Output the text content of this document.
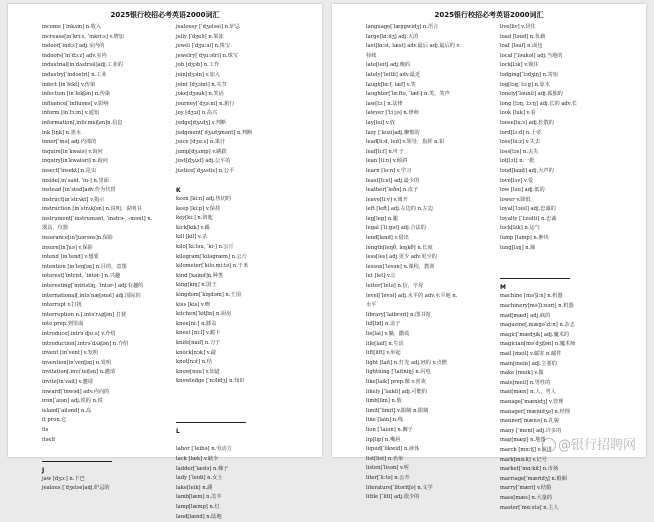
2025银行校招必考英语2000词汇
income [ˈinkʌm] n.收入
increase[inˈkri:s, ˈinkri:s] v.增加
indoor[ˈindɔ:] adj.室内的
indoors[ˈinˈdɔ:z] adv.室内
industrial[inˈdʌstriəl]adj.工业的
industry[ˈindəstri] n.工业
infect [inˈfekt] v.传染
infection [inˈfekʃən] n.传染
influence[ˈinfluəns] v.影响
inform [inˈfɔ:m] v.通知
information[ˌinfəˈmeiʃən]n.信息
ink [iŋk] n.墨水
inner[ˈinə] adj.内部的
inquire[inˈkwaiə] v.询问
inquiry[inˈkwaiəri] n.询问
insect[ˈinsekt] n.昆虫
inside[ˌinˈsaid, ˈin-] n.里面
instead [inˈsted]adv.作为代替
instruct[inˈstrʌkt] v.指示
instruction [inˈstrʌkʃən] n.说明，说明书
instrument[ˈinstrumənt, ˈinstrə-, -mənt] n.
器具，仪器
insurance[inˈʃuərəns]n.保险
insure[inˈʃuə] v.保险
intend [inˈtend] v.想要
intention [inˈtenʃən] n.目的，意图
interest[ˈintrist, ˈintər-] n.兴趣
interesting[ˈintristiŋ, ˈintər-] adj.有趣的
international[ˌintəˈnæʃənəl] adj.国际的
interrupt v.打扰
interruption n.[ˌintəˈrʌpʃən] 打扰
into prep.到里面
introduce[ˌintrəˈdju:s] v.介绍
introduction[ˌintrəˈdʌkʃən] n.介绍
invent [inˈvent] v.发明
invention[inˈvenʃən] n.发明
invitation[ˌinviˈteiʃən] n.邀请
invite[inˈvait] v.邀请
inward[ˈinwəd] adv.内向的
iron[ˈaiən] adj.铁的 n.铁
island[ˈailənd] n.岛
it pron.它
its
itself
J
jaw [dʒɔ:] n.下巴
jealous [ˈdʒeləs]adj.妒忌的
jealousy [ˈdʒeləsi] n.妒忌
jelly [ˈdʒeli] n.果冻
jewel [ˈdʒu:əl] n.珠宝
jewelry[ˈdʒu:əlri] n.珠宝
job [dʒɔb] n.工作
join[dʒɔin] v.加入
joint [dʒɔint] n.关节
joke[dʒəuk] n.笑话
journey[ˈdʒə:ni] n.旅行
joy [dʒɔi] n.高兴
judge[dʒʌdʒ] v.判断
judgment[ˈdʒʌdʒmənt] n.判断
juice [dʒu:s] n.果汁
jump[dʒʌmp] v.跳跃
just[dʒʌst] adj.公平的
justice[ˈdʒʌstis] n.公平
K
keen [ki:n] adj.热切的
keep [ki:p] v.保持
key[ki:] n.钥匙
kick[kik] v.踢
kill [kil] v.杀
kilo[ˈki:ləu, ˈki-] n.公斤
kilogram[ˈkiləgræm] n.公斤
kilometer[ˈkiləˌmi:tə] n.千米
kind [kaind]n.种类
king[kiŋ] n.国王
kingdom[ˈkiŋdəm] n.王国
kiss [kis] v.吻
kitchen[ˈkitʃin] n.厨房
knee[ni:] n.膝盖
kneel [ni:l] v.跪下
knife[naif] n.刀子
knock[nɔk] v.敲
knot[nɔt] n.结
know[nəu] v.知道
knowledge [ˈnɔlidʒ] n.知识
L
labor [ˈleibə] n.劳动力
lack [læk] v.缺少
ladder[ˈlædə] n.梯子
lady [ˈleidi] n.女士
lake[leik] n.湖
lamb[læm] n.羔羊
lamp[læmp] n.灯
land[lænd] n.陆地
2025银行校招必考英语2000词汇
language[ˈlæŋgwidʒ] n.语言
large[lɑ:dʒ] adj.大的
last[lɑ:st, læst] adv.最后 adj.最后的 v.
持续
late[leit] adj.晚的
lately[ˈleitli] adv.最近
laugh[lɑ:f, læf] v.笑
laughter[ˈlɑ:ftə, ˈlæf-] n.笑，笑声
law[lɔ:] n.法律
lawyer [ˈlɔ:jə] n.律师
lay[lei] v.放
lazy [ˈleizi]adj.懒惰的
lead[li:d, led] v.领导，指挥 n.铅
leaf[li:f] n.叶子
lean [li:n] v.倾斜
learn [lə:n] v.学习
least[li:st] adj.最少的
leather[ˈleðə] n.皮子
leave[li:v] v.离开
left [left] adj.左边的 n.左边
leg[leg] n.腿
legal [ˈli:gəl] adj.合法的
lend[lend] v.借出
length[leŋθ, leŋkθ] n.长度
less[les] adj.更少 adv.更少的
lesson[ˈlesən] n.课程，教训
let [let] v.让
letter[ˈletə] n.信，字母
level[ˈlevəl] adj.水平的 adv.水平地 n.
水平
library[ˈlaibrəri] n.图书馆
lid[lid] n.盖子
lie[lai] v.躺，撒谎
life[laif] n.生活
lift[lift] v.举起
light [lait] n.灯光 adj.轻的 v.点燃
lightning [ˈlaitniŋ] n.闪电
like[laik] prep.像 v.喜欢
likely [ˈlaikli] adj.可能的
limb[lim] n.肢
limit[ˈlimit] v.限制 n.限制
line [lain] n.线
lion [ˈlaiən] n.狮子
lip[lip] n.嘴唇
liquid[ˈlikwid] n.液体
list[list] n.名单
listen[ˈlisən] v.听
liter[ˈli:tə] n.公升
literature[ˈlitəritʃə] n.文学
little [ˈlitl] adj.很少的
live[liv] v.居住
load [ləud] n.负载
loaf [ləuf] n.面包
local [ˈləukəl] adj.当地的
lock[lɔk] v.锁住
lodging[ˈlɔdʒiŋ] n.寄宿
log[lɔg, lɔ:g] n.原木
lonely[ˈləunli] adj.孤独的
long [lɔŋ, lɔ:ŋ] adj.长的 adv.长
look [luk] v.看
loose[lu:s] adj.松散的
lord[lɔ:d] n.上帝
lose[lu:z] v.失去
loss[lɔs] n.丢失
lot[lɔt] n.一批
loud[laud] adj.大声的
love[lʌv] v.爱
low [ləu] adj.低的
lower v.降低
loyal[ˈlɔiəl] adj.忠诚的
loyalty [ˈlɔiəlti] n.忠诚
luck[lʌk] n.运气
lump [lʌmp] n.肿块
lung[lʌŋ] n.肺
M
machine [məˈʃi:n] n.机器
machinery[məˈʃi:nəri] n.机器
mad[mæd] adj.疯的
magazine[ˌmægəˈzi:n] n.杂志
magic[ˈmædʒik] adj.魔术的
magician[məˈdʒiʃən] n.魔术师
mail [meil] v.邮寄 n.邮件
main[mein] adj.主要的
make [meik] v.做
male[meil] n.男性的
man[mæn] n.人，男人
manage[ˈmænidʒ] v.管理
manager[ˈmænidʒə] n.经理
manner[ˈmænə] n.礼貌
many [ˈmeni] adj.许多的
map[mæp] n.地图
march [mɑ:tʃ] v.前进
mark[mɑ:k] v.记号
market[ˈmɑ:kit] n.市场
marriage[ˈmæridʒ] n.婚姻
marry[ˈmæri] v.结婚
mass[mæs] n.大量的
master[ˈmɑ:stə] n.主人
@银行招聘网
